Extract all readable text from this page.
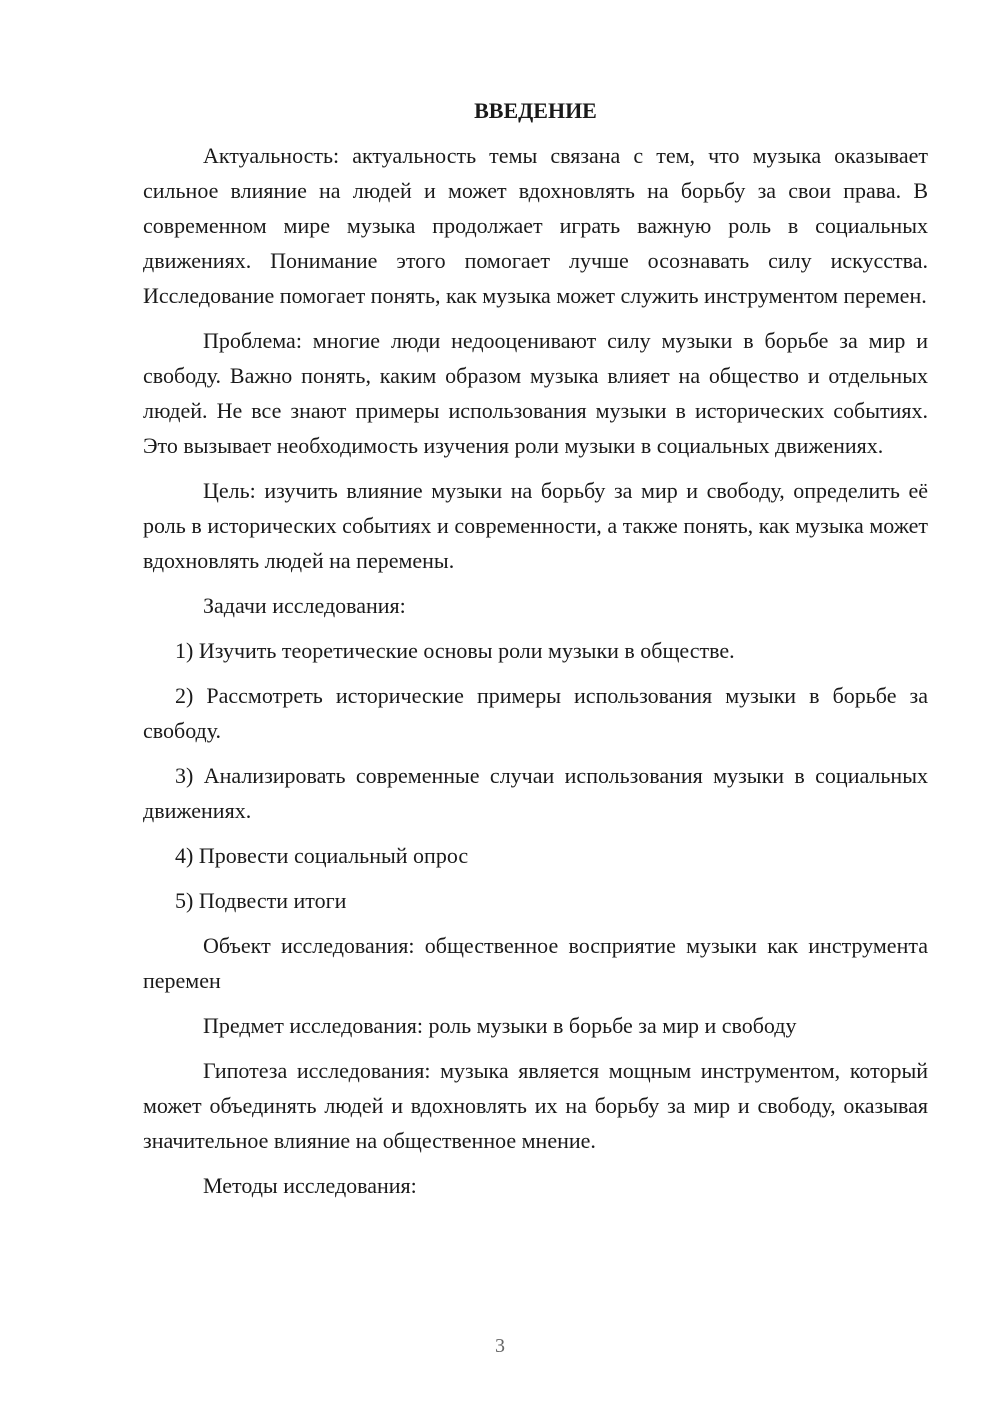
ВВЕДЕНИЕ

Актуальность: актуальность темы связана с тем, что музыка оказывает сильное влияние на людей и может вдохновлять на борьбу за свои права. В современном мире музыка продолжает играть важную роль в социальных движениях. Понимание этого помогает лучше осознавать силу искусства. Исследование помогает понять, как музыка может служить инструментом перемен.

Проблема: многие люди недооценивают силу музыки в борьбе за мир и свободу. Важно понять, каким образом музыка влияет на общество и отдельных людей. Не все знают примеры использования музыки в исторических событиях. Это вызывает необходимость изучения роли музыки в социальных движениях.

Цель: изучить влияние музыки на борьбу за мир и свободу, определить её роль в исторических событиях и современности, а также понять, как музыка может вдохновлять людей на перемены.

Задачи исследования:

1) Изучить теоретические основы роли музыки в обществе.

2) Рассмотреть исторические примеры использования музыки в борьбе за свободу.

3) Анализировать современные случаи использования музыки в социальных движениях.

4) Провести социальный опрос

5) Подвести итоги

Объект исследования: общественное восприятие музыки как инструмента перемен

Предмет исследования: роль музыки в борьбе за мир и свободу

Гипотеза исследования: музыка является мощным инструментом, который может объединять людей и вдохновлять их на борьбу за мир и свободу, оказывая значительное влияние на общественное мнение.

Методы исследования:

3
